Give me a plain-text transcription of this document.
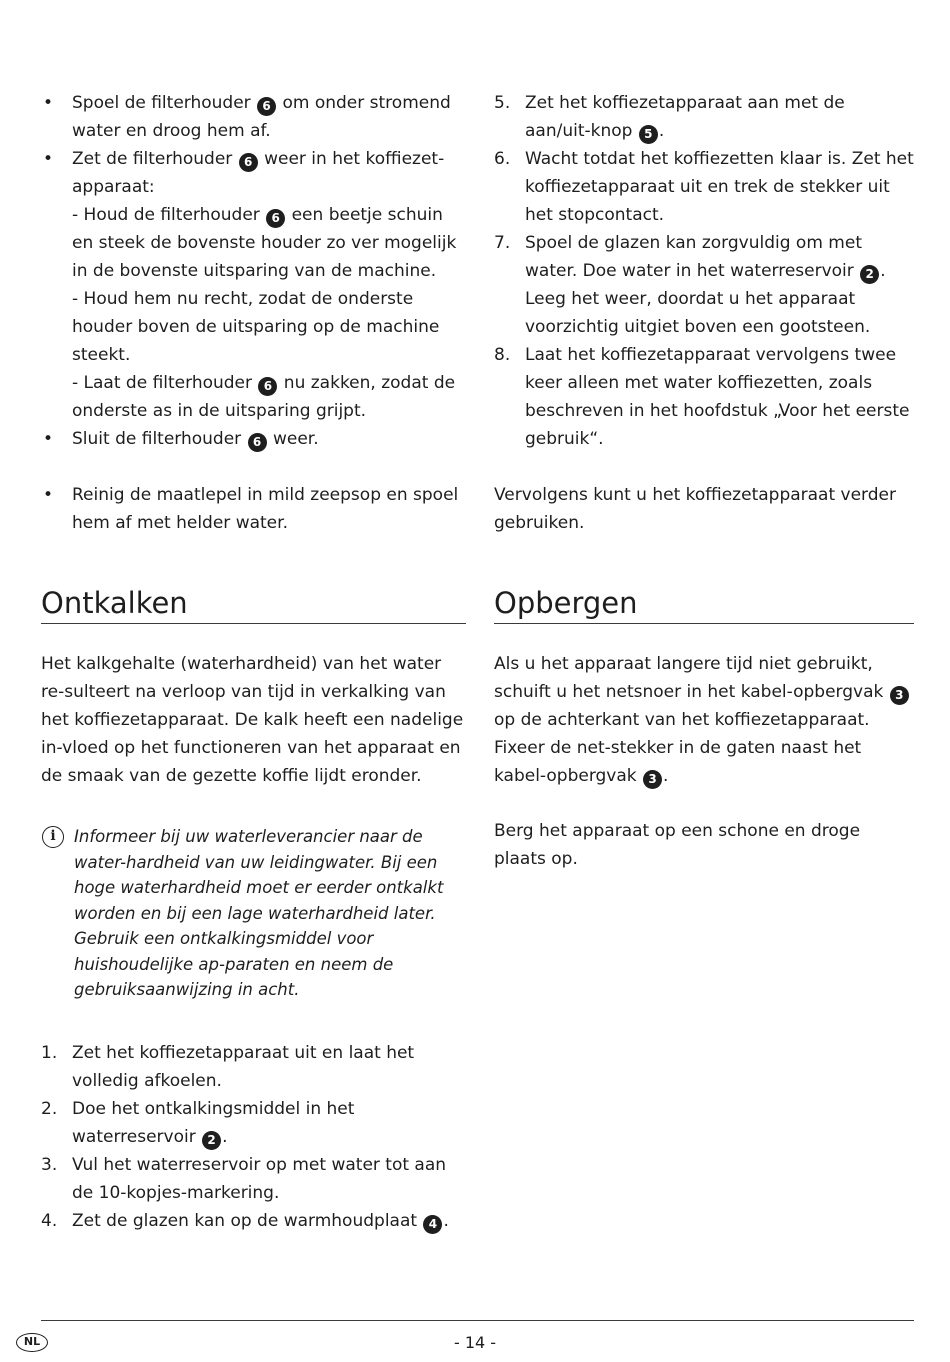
•	Spoel de filterhouder 6 om onder stromend water en droog hem af.
•	Zet de filterhouder 6 weer in het koffiezet-apparaat:
- Houd de filterhouder 6 een beetje schuin en steek de bovenste houder zo ver mogelijk in de bovenste uitsparing van de machine.
- Houd hem nu recht, zodat de onderste houder boven de uitsparing op de machine steekt.
- Laat de filterhouder 6 nu zakken, zodat de onderste as in de uitsparing grijpt.
•	Sluit de filterhouder 6 weer.
•	Reinig de maatlepel in mild zeepsop en spoel hem af met helder water.
Ontkalken

Het kalkgehalte (waterhardheid) van het water re-sulteert na verloop van tijd in verkalking van het koffiezetapparaat. De kalk heeft een nadelige in-vloed op het functioneren van het apparaat en de smaak van de gezette koffie lijdt eronder.

i	Informeer bij uw waterleverancier naar de water-hardheid van uw leidingwater. Bij een hoge waterhardheid moet er eerder ontkalkt worden en bij een lage waterhardheid later. Gebruik een ontkalkingsmiddel voor huishoudelijke ap-paraten en neem de gebruiksaanwijzing in acht.
1. Zet het koffiezetapparaat uit en laat het volledig afkoelen.
2. Doe het ontkalkingsmiddel in het waterreservoir 2 .
3. Vul het waterreservoir op met water tot aan de 10-kopjes-markering.
4. Zet de glazen kan op de warmhoudplaat 4 .
5. Zet het koffiezetapparaat aan met de aan/uit-knop 5 .
6. Wacht totdat het koffiezetten klaar is. Zet het koffiezetapparaat uit en trek de stekker uit het stopcontact.
7. Spoel de glazen kan zorgvuldig om met water. Doe water in het waterreservoir 2 . Leeg het weer, doordat u het apparaat voorzichtig uitgiet boven een gootsteen.
8. Laat het koffiezetapparaat vervolgens twee keer alleen met water koffiezetten, zoals beschreven in het hoofdstuk „Voor het eerste gebruik“.

Vervolgens kunt u het koffiezetapparaat verder gebruiken.

Opbergen

Als u het apparaat langere tijd niet gebruikt, schuift u het netsnoer in het kabel-opbergvak 3 op de achterkant van het koffiezetapparaat. Fixeer de net-stekker in de gaten naast het kabel-opbergvak 3 .

Berg het apparaat op een schone en droge plaats op.

NL	- 14 -
